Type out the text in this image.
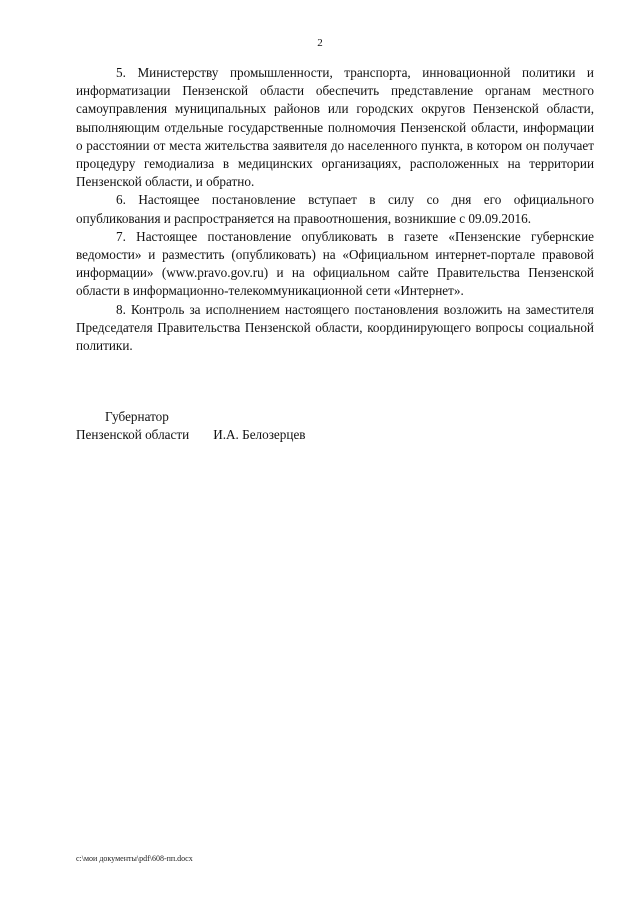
2

5. Министерству промышленности, транспорта, инновационной политики и информатизации Пензенской области обеспечить представление органам местного самоуправления муниципальных районов или городских округов Пензенской области, выполняющим отдельные государственные полномочия Пензенской области, информации о расстоянии от места жительства заявителя до населенного пункта, в котором он получает процедуру гемодиализа в медицинских организациях, расположенных на территории Пензенской области, и обратно.

6. Настоящее постановление вступает в силу со дня его официального опубликования и распространяется на правоотношения, возникшие с 09.09.2016.

7. Настоящее постановление опубликовать в газете «Пензенские губернские ведомости» и разместить (опубликовать) на «Официальном интернет-портале правовой информации» (www.pravo.gov.ru) и на официальном сайте Правительства Пензенской области в информационно-телекоммуникационной сети «Интернет».

8. Контроль за исполнением настоящего постановления возложить на заместителя Председателя Правительства Пензенской области, координирующего вопросы социальной политики.

Губернатор

Пензенской области И.А. Белозерцев

c:\мои документы\pdf\608-пп.docx
